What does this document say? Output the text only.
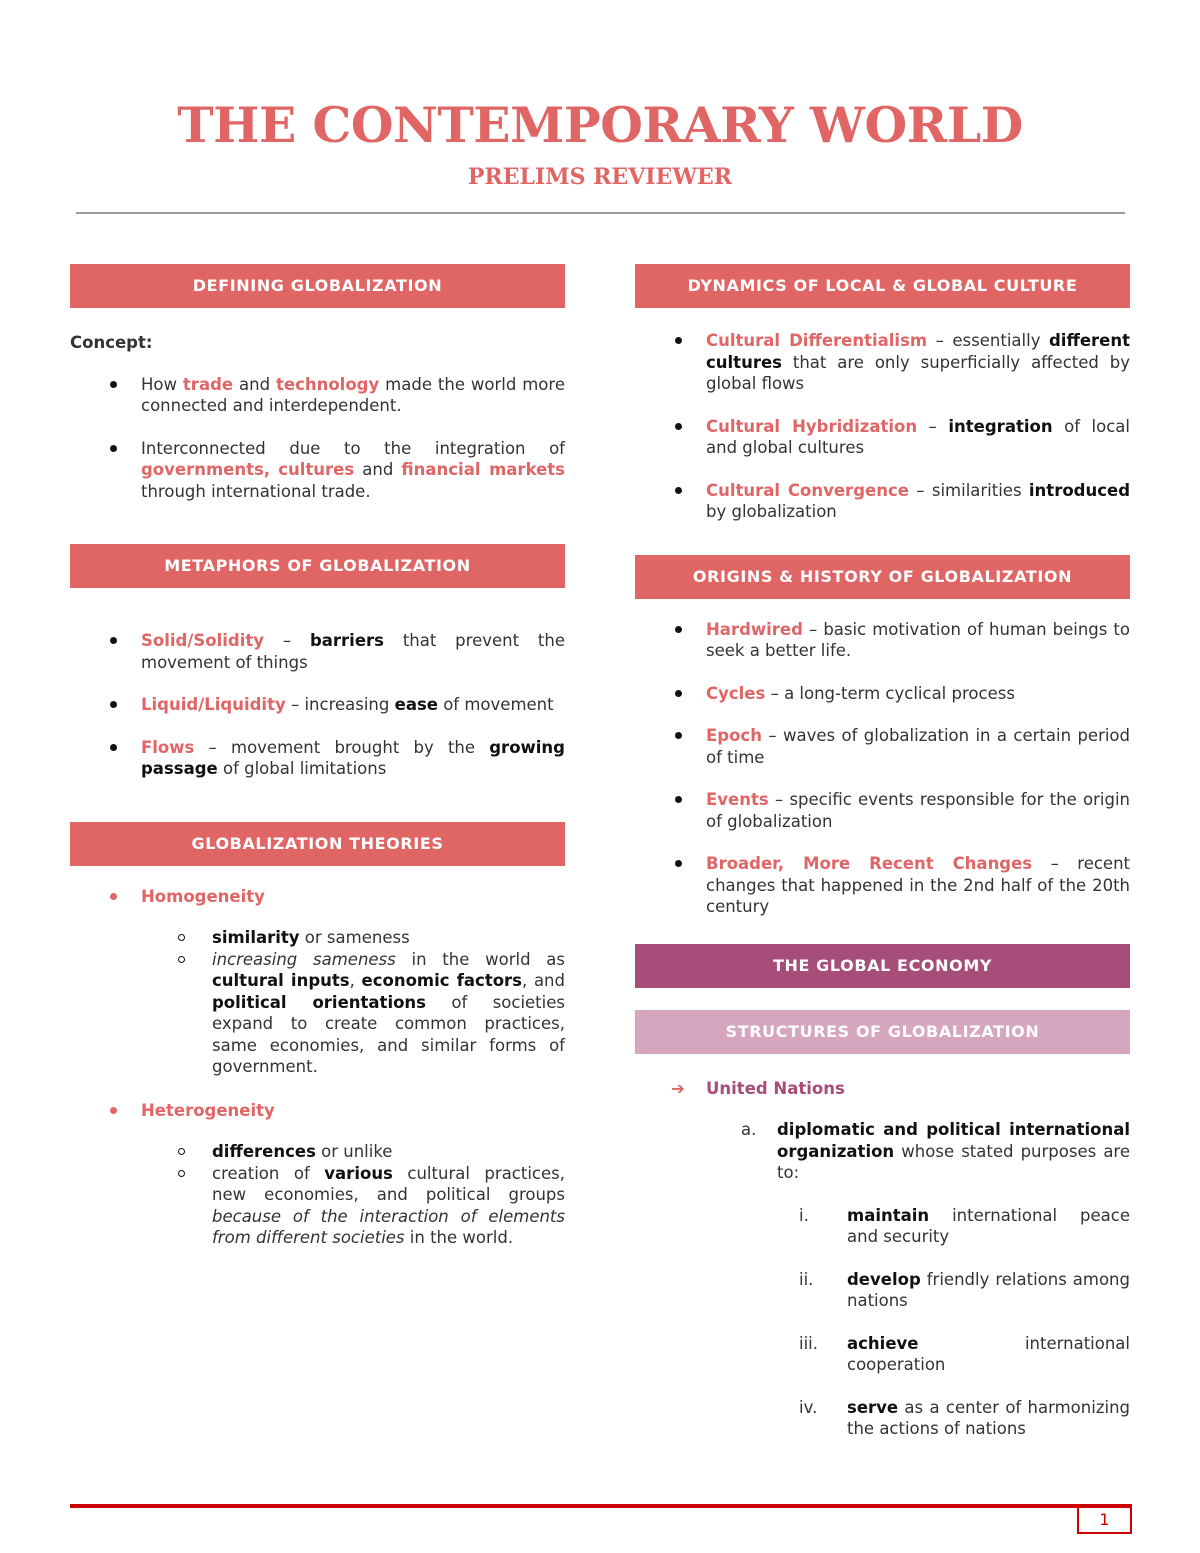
THE CONTEMPORARY WORLD
PRELIMS REVIEWER
DEFINING GLOBALIZATION
Concept:
How trade and technology made the world more connected and interdependent.
Interconnected due to the integration of governments, cultures and financial markets through international trade.
METAPHORS OF GLOBALIZATION
Solid/Solidity – barriers that prevent the movement of things
Liquid/Liquidity – increasing ease of movement
Flows – movement brought by the growing passage of global limitations
GLOBALIZATION THEORIES
Homogeneity
similarity or sameness
increasing sameness in the world as cultural inputs, economic factors, and political orientations of societies expand to create common practices, same economies, and similar forms of government.
Heterogeneity
differences or unlike
creation of various cultural practices, new economies, and political groups because of the interaction of elements from different societies in the world.
DYNAMICS OF LOCAL & GLOBAL CULTURE
Cultural Differentialism – essentially different cultures that are only superficially affected by global flows
Cultural Hybridization – integration of local and global cultures
Cultural Convergence – similarities introduced by globalization
ORIGINS & HISTORY OF GLOBALIZATION
Hardwired – basic motivation of human beings to seek a better life.
Cycles – a long-term cyclical process
Epoch – waves of globalization in a certain period of time
Events – specific events responsible for the origin of globalization
Broader, More Recent Changes – recent changes that happened in the 2nd half of the 20th century
THE GLOBAL ECONOMY
STRUCTURES OF GLOBALIZATION
➔ United Nations
a. diplomatic and political international organization whose stated purposes are to:
i. maintain international peace and security
ii. develop friendly relations among nations
iii. achieve international cooperation
iv. serve as a center of harmonizing the actions of nations
1
